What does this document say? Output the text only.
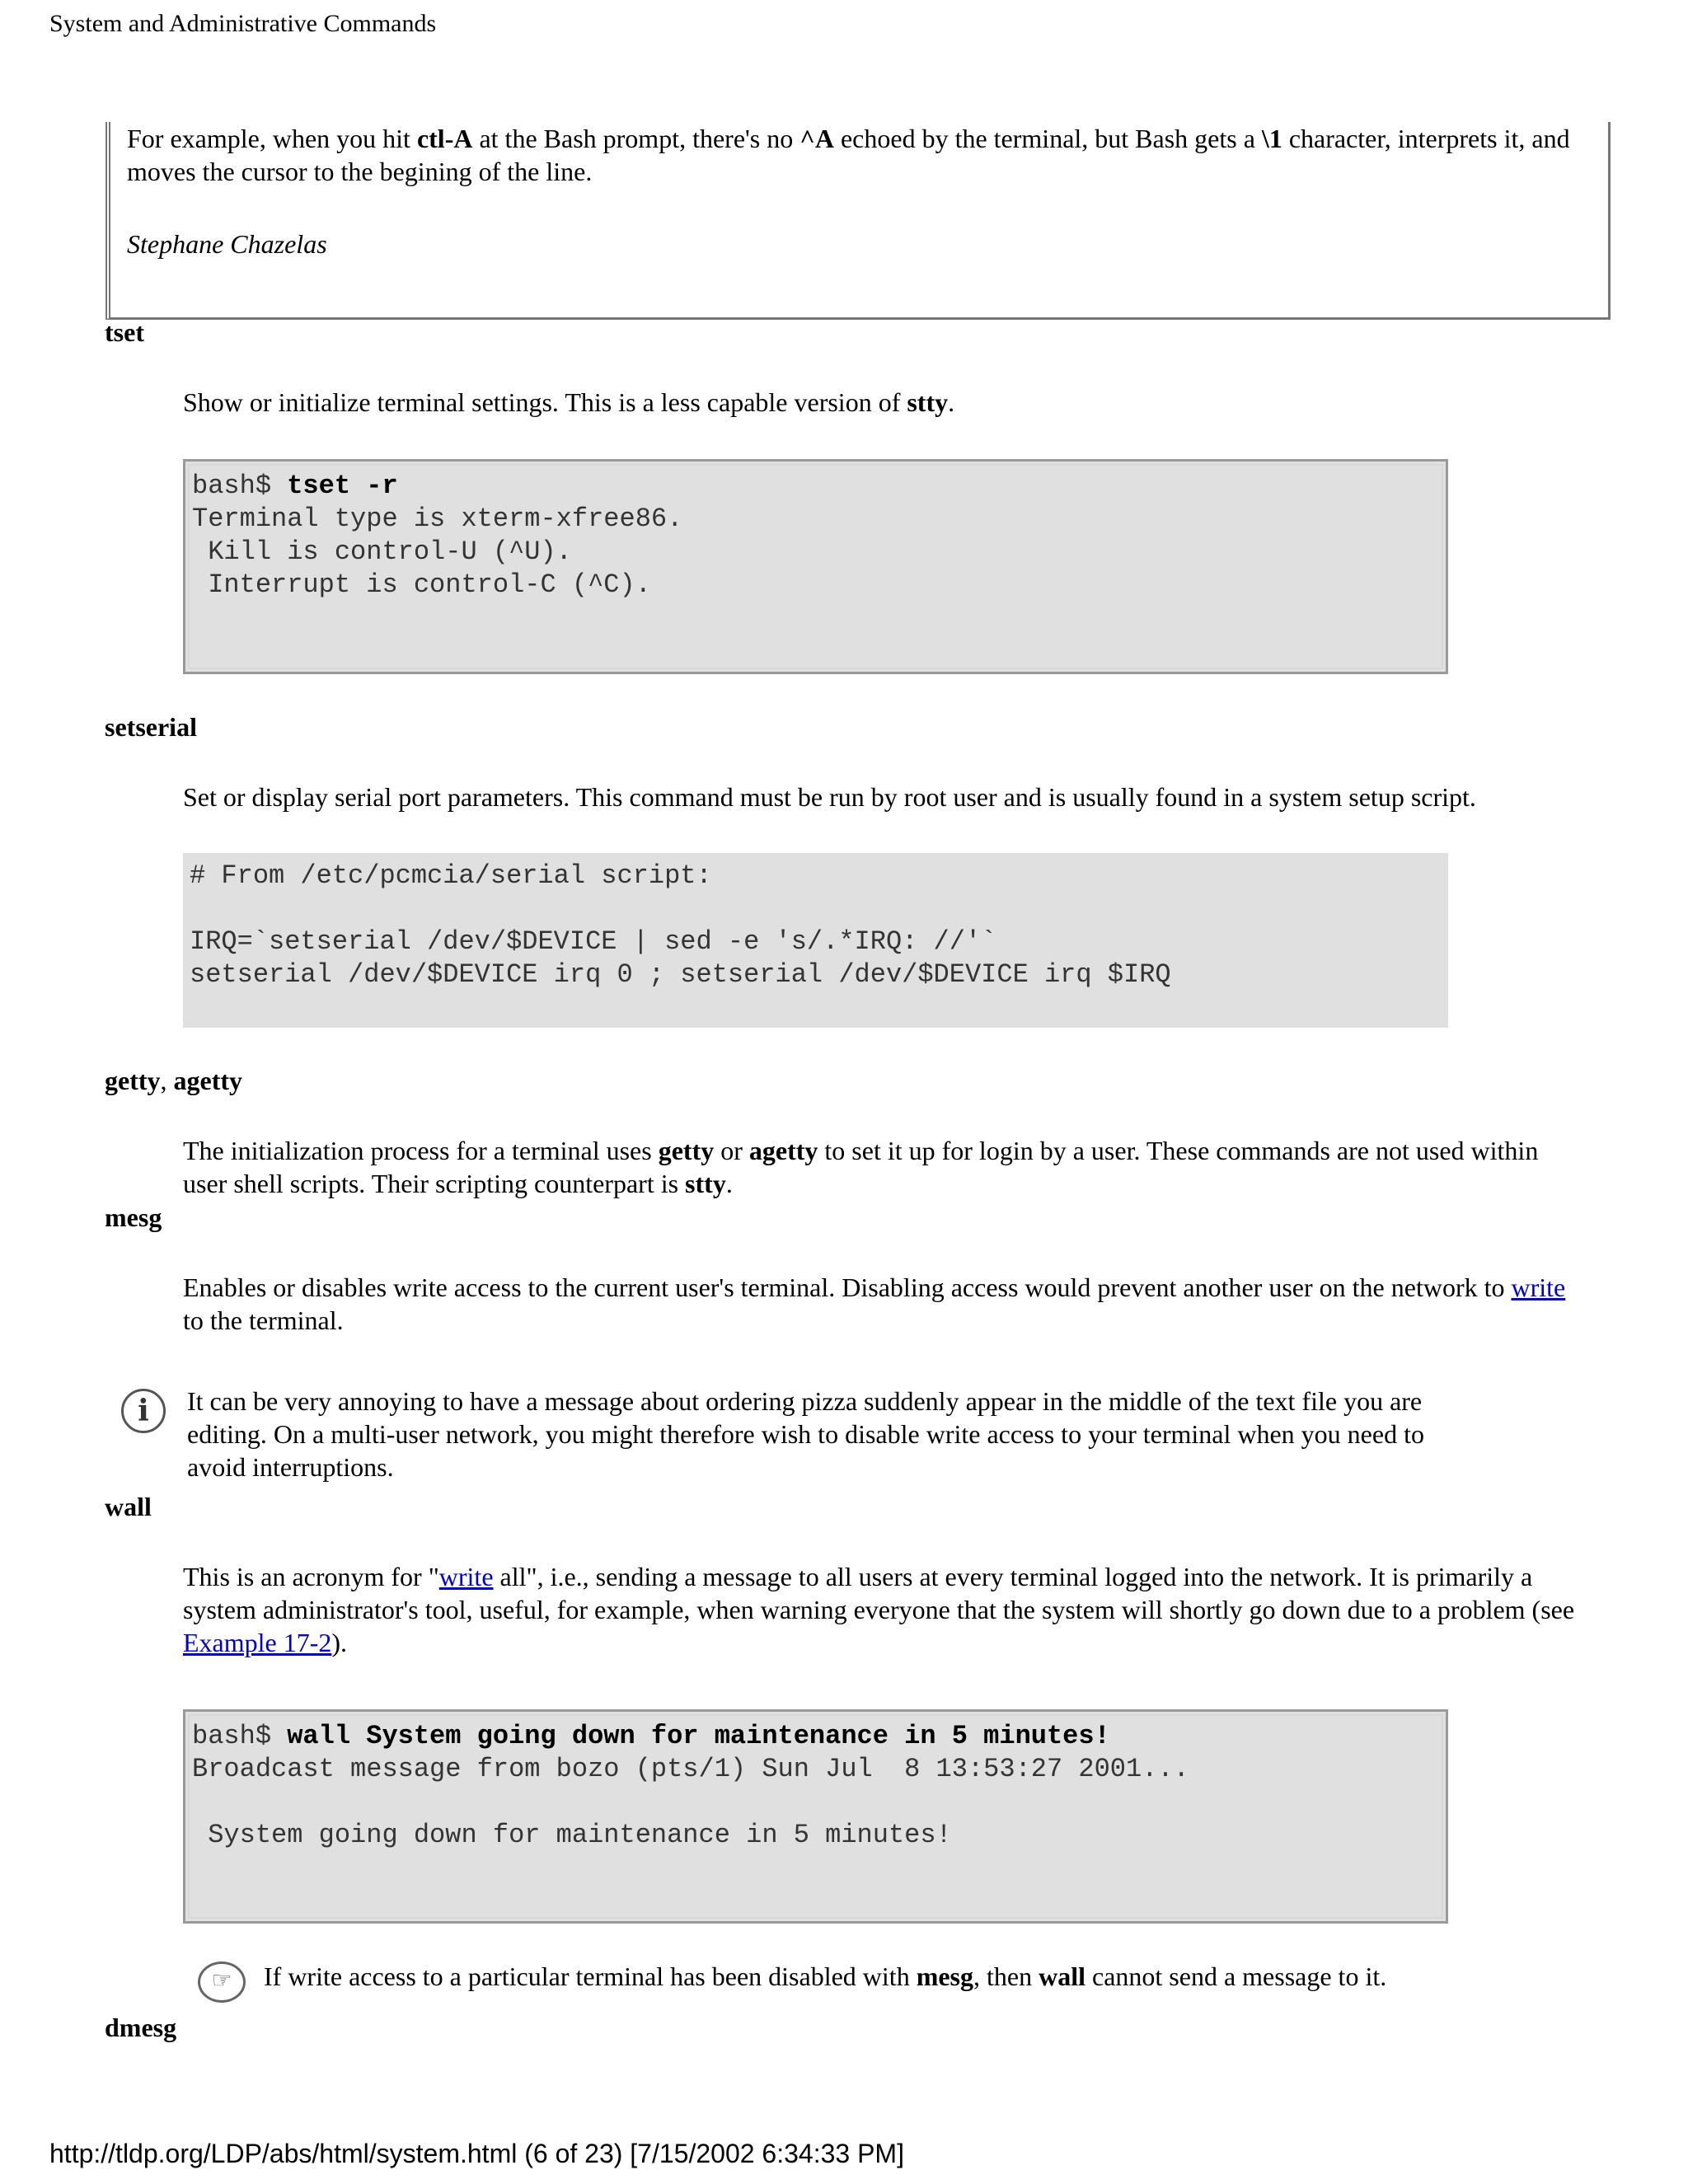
System and Administrative Commands

For example, when you hit ctl-A at the Bash prompt, there's no ^A echoed by the terminal, but Bash gets a \1 character, interprets it, and moves the cursor to the begining of the line.

Stephane Chazelas

tset

Show or initialize terminal settings. This is a less capable version of stty.

bash$ tset -r
Terminal type is xterm-xfree86.
Kill is control-U (^U).
Interrupt is control-C (^C).
setserial

Set or display serial port parameters. This command must be run by root user and is usually found in a system setup script.

# From /etc/pcmcia/serial script:

IRQ=`setserial /dev/$DEVICE | sed -e 's/.*IRQ: //'`
setserial /dev/$DEVICE irq 0 ; setserial /dev/$DEVICE irq $IRQ
getty, agetty

The initialization process for a terminal uses getty or agetty to set it up for login by a user. These commands are not used within user shell scripts. Their scripting counterpart is stty.

mesg

Enables or disables write access to the current user's terminal. Disabling access would prevent another user on the network to write to the terminal.

i	It can be very annoying to have a message about ordering pizza suddenly appear in the middle of the text file you are editing. On a multi-user network, you might therefore wish to disable write access to your terminal when you need to avoid interruptions.

wall

This is an acronym for "write all", i.e., sending a message to all users at every terminal logged into the network. It is primarily a system administrator's tool, useful, for example, when warning everyone that the system will shortly go down due to a problem (see Example 17-2).

bash$ wall System going down for maintenance in 5 minutes!
Broadcast message from bozo (pts/1) Sun Jul  8 13:53:27 2001...

System going down for maintenance in 5 minutes!
☞	If write access to a particular terminal has been disabled with mesg, then wall cannot send a message to it.

dmesg
http://tldp.org/LDP/abs/html/system.html (6 of 23) [7/15/2002 6:34:33 PM]
